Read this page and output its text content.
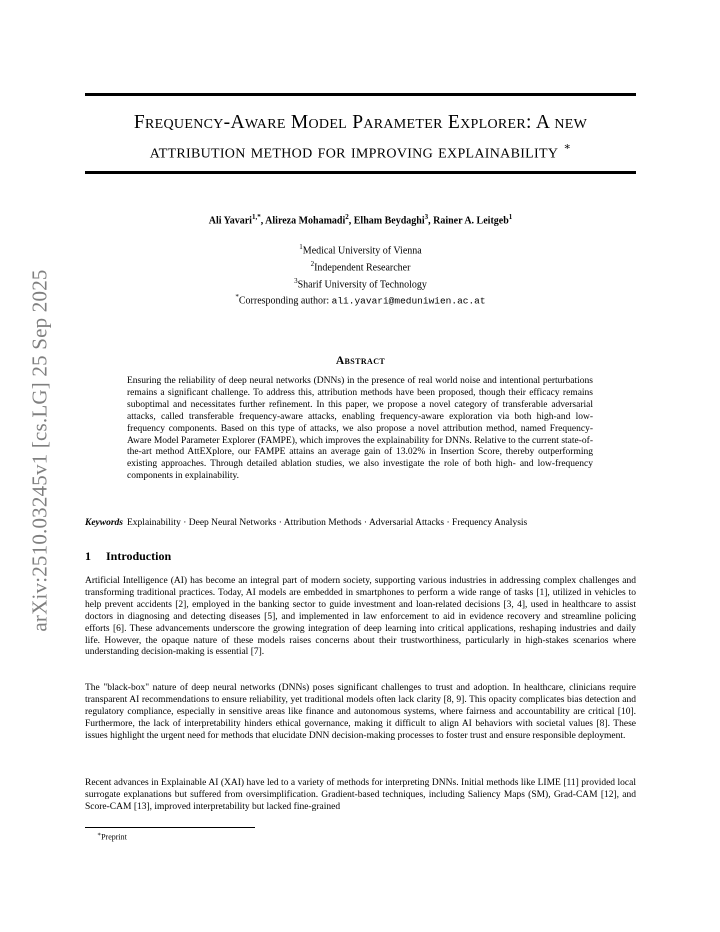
arXiv:2510.03245v1 [cs.LG] 25 Sep 2025
Frequency-Aware Model Parameter Explorer: A new
attribution method for improving explainability ∗
Ali Yavari$^{1,*}$, Alireza Mohamadi$^2$, Elham Beydaghi$^3$, Rainer A. Leitgeb$^1$
$^1$Medical University of Vienna
$^2$Independent Researcher
$^3$Sharif University of Technology
*Corresponding author: ali.yavari@meduniwien.ac.at
Abstract

Ensuring the reliability of deep neural networks (DNNs) in the presence of real world noise and intentional perturbations remains a significant challenge. To address this, attribution methods have been proposed, though their efficacy remains suboptimal and necessitates further refinement. In this paper, we propose a novel category of transferable adversarial attacks, called transferable frequency-aware attacks, enabling frequency-aware exploration via both high-and low-frequency components. Based on this type of attacks, we also propose a novel attribution method, named Frequency-Aware Model Parameter Explorer (FAMPE), which improves the explainability for DNNs. Relative to the current state-of-the-art method AttEXplore, our FAMPE attains an average gain of 13.02% in Insertion Score, thereby outperforming existing approaches. Through detailed ablation studies, we also investigate the role of both high- and low-frequency components in explainability.

Keywords Explainability · Deep Neural Networks · Attribution Methods · Adversarial Attacks · Frequency Analysis
1 Introduction

Artificial Intelligence (AI) has become an integral part of modern society, supporting various industries in addressing complex challenges and transforming traditional practices. Today, AI models are embedded in smartphones to perform a wide range of tasks [1], utilized in vehicles to help prevent accidents [2], employed in the banking sector to guide investment and loan-related decisions [3, 4], used in healthcare to assist doctors in diagnosing and detecting diseases [5], and implemented in law enforcement to aid in evidence recovery and streamline policing efforts [6]. These advancements underscore the growing integration of deep learning into critical applications, reshaping industries and daily life. However, the opaque nature of these models raises concerns about their trustworthiness, particularly in high-stakes scenarios where understanding decision-making is essential [7].

The "black-box" nature of deep neural networks (DNNs) poses significant challenges to trust and adoption. In healthcare, clinicians require transparent AI recommendations to ensure reliability, yet traditional models often lack clarity [8, 9]. This opacity complicates bias detection and regulatory compliance, especially in sensitive areas like finance and autonomous systems, where fairness and accountability are critical [10]. Furthermore, the lack of interpretability hinders ethical governance, making it difficult to align AI behaviors with societal values [8]. These issues highlight the urgent need for methods that elucidate DNN decision-making processes to foster trust and ensure responsible deployment.

Recent advances in Explainable AI (XAI) have led to a variety of methods for interpreting DNNs. Initial methods like LIME [11] provided local surrogate explanations but suffered from oversimplification. Gradient-based techniques, including Saliency Maps (SM), Grad-CAM [12], and Score-CAM [13], improved interpretability but lacked fine-grained

∗Preprint
